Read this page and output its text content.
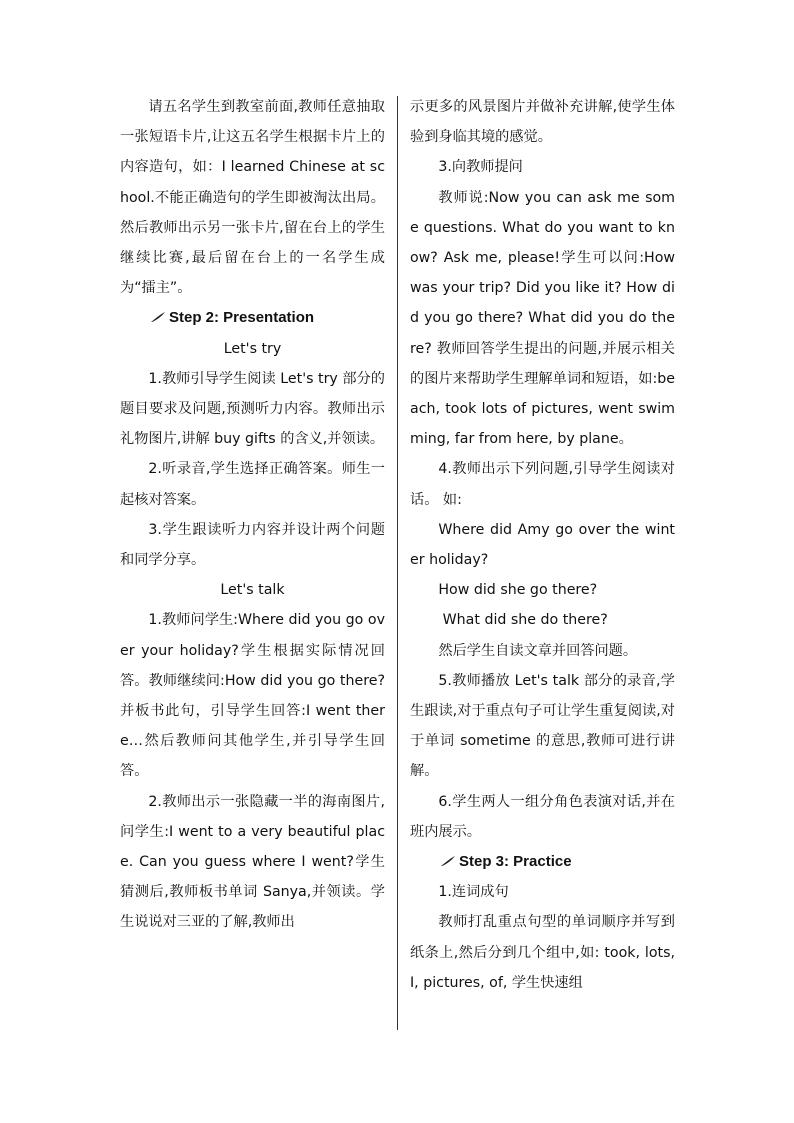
请五名学生到教室前面,教师任意抽取一张短语卡片,让这五名学生根据卡片上的内容造句，如：I learned Chinese at school.不能正确造句的学生即被淘汰出局。然后教师出示另一张卡片,留在台上的学生继续比赛,最后留在台上的一名学生成为“擂主”。

Step 2: Presentation

Let's try

1.教师引导学生阅读 Let's try 部分的题目要求及问题,预测听力内容。教师出示礼物图片,讲解 buy gifts 的含义,并领读。

2.听录音,学生选择正确答案。师生一起核对答案。

3.学生跟读听力内容并设计两个问题和同学分享。

Let's talk

1.教师问学生:Where did you go over your holiday?学生根据实际情况回答。教师继续问:How did you go there? 并板书此句，引导学生回答:I went there…然后教师问其他学生,并引导学生回答。

2.教师出示一张隐藏一半的海南图片,问学生:I went to a very beautiful place. Can you guess where I went?学生猜测后,教师板书单词 Sanya,并领读。学生说说对三亚的了解,教师出

示更多的风景图片并做补充讲解,使学生体验到身临其境的感觉。

3.向教师提问

教师说:Now you can ask me some questions. What do you want to know? Ask me, please!学生可以问:How was your trip? Did you like it? How did you go there? What did you do there? 教师回答学生提出的问题,并展示相关的图片来帮助学生理解单词和短语，如:beach, took lots of pictures, went swimming, far from here, by plane。

4.教师出示下列问题,引导学生阅读对话。 如:

Where did Amy go over the winter holiday?

How did she go there?

What did she do there?

然后学生自读文章并回答问题。

5.教师播放 Let's talk 部分的录音,学生跟读,对于重点句子可让学生重复阅读,对于单词 sometime 的意思,教师可进行讲解。

6.学生两人一组分角色表演对话,并在班内展示。

Step 3: Practice

1.连词成句

教师打乱重点句型的单词顺序并写到纸条上,然后分到几个组中,如: took, lots, I, pictures, of, 学生快速组
